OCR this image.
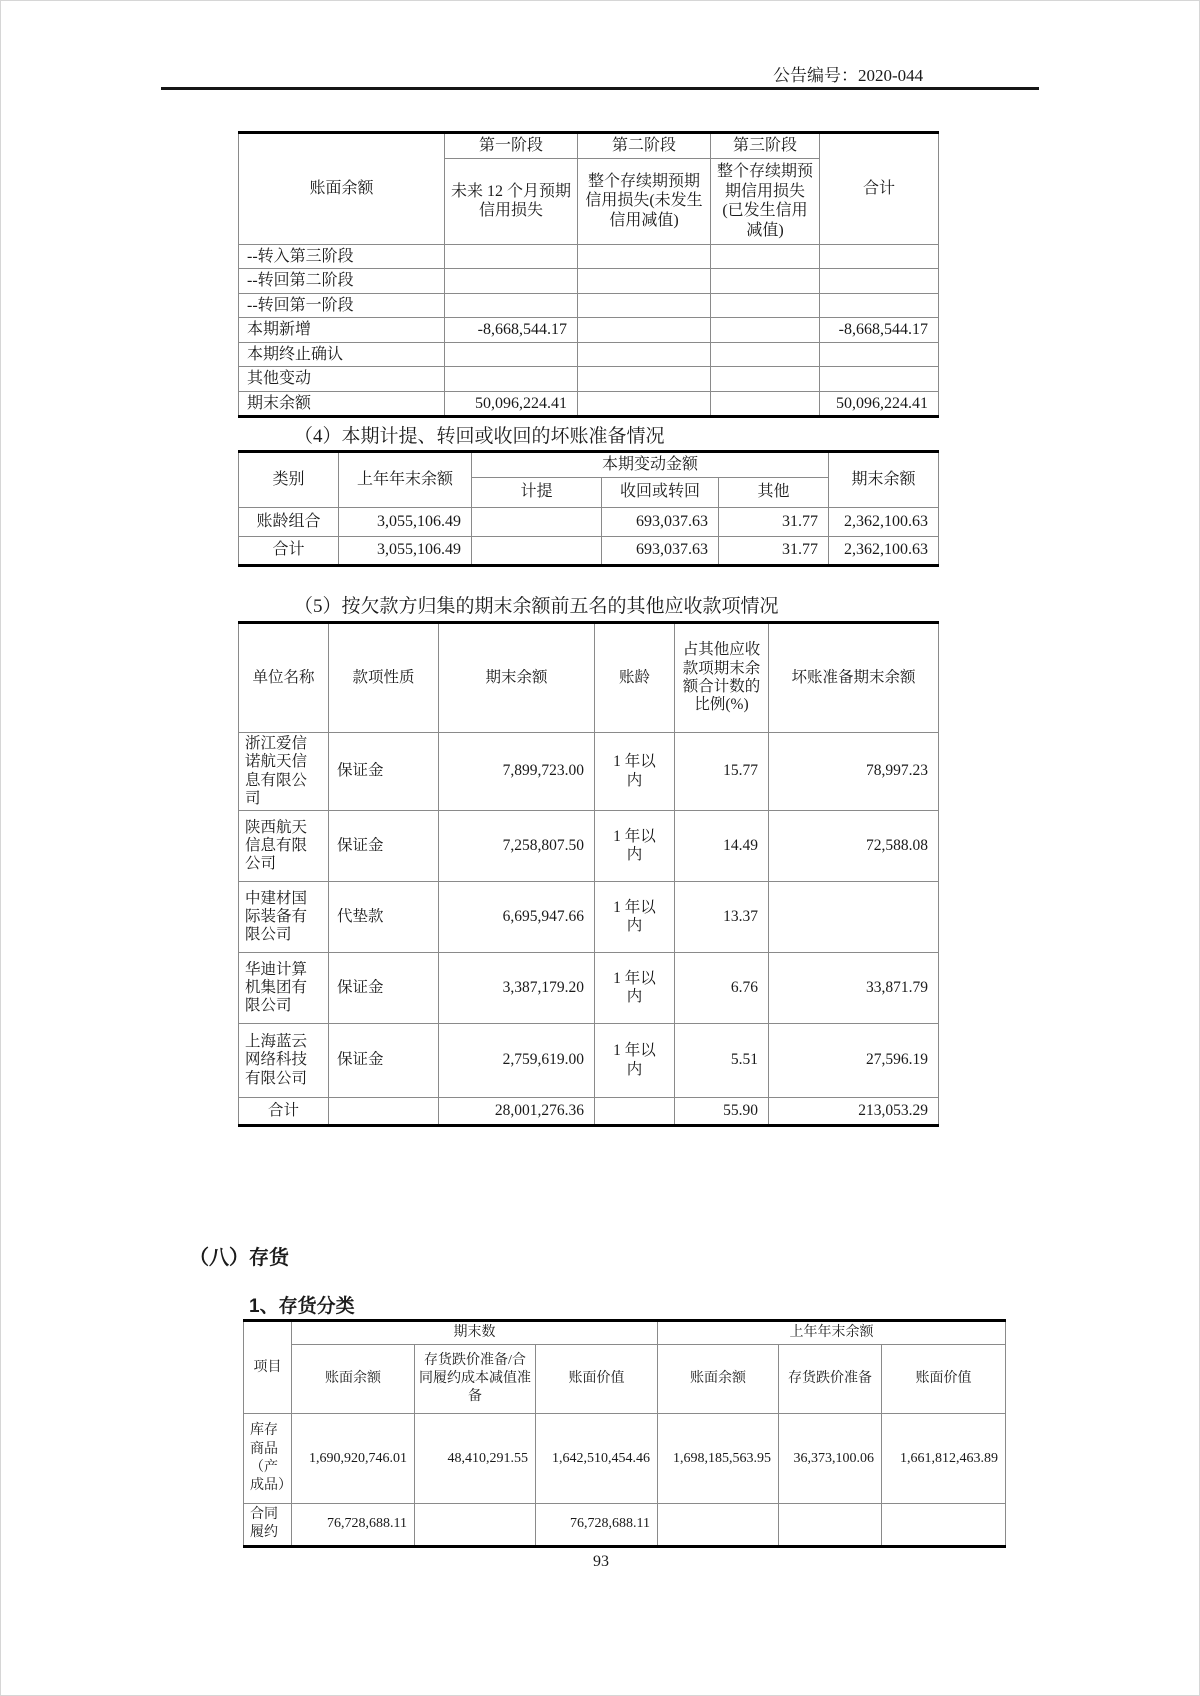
公告编号：2020-044
账面余额	第一阶段	第二阶段	第三阶段	合计
	未来 12 个月预期信用损失	整个存续期预期信用损失(未发生信用减值)	整个存续期预期信用损失(已发生信用减值)	
--转入第三阶段				
--转回第二阶段				
--转回第一阶段				
本期新增	-8,668,544.17			-8,668,544.17
本期终止确认				
其他变动				
期末余额	50,096,224.41			50,096,224.41
（4）本期计提、转回或收回的坏账准备情况
类别	上年年末余额	本期变动金额			期末余额
		计提	收回或转回	其他	
账龄组合	3,055,106.49		693,037.63	31.77	2,362,100.63
合计	3,055,106.49		693,037.63	31.77	2,362,100.63
（5）按欠款方归集的期末余额前五名的其他应收款项情况
单位名称	款项性质	期末余额	账龄	占其他应收款项期末余额合计数的比例(%)	坏账准备期末余额
浙江爱信诺航天信息有限公司	保证金	7,899,723.00	1 年以内	15.77	78,997.23
陕西航天信息有限公司	保证金	7,258,807.50	1 年以内	14.49	72,588.08
中建材国际装备有限公司	代垫款	6,695,947.66	1 年以内	13.37	
华迪计算机集团有限公司	保证金	3,387,179.20	1 年以内	6.76	33,871.79
上海蓝云网络科技有限公司	保证金	2,759,619.00	1 年以内	5.51	27,596.19
合计		28,001,276.36		55.90	213,053.29
（八）存货
1、存货分类
项目	期末数			上年年末余额		
	账面余额	存货跌价准备/合同履约成本减值准备	账面价值	账面余额	存货跌价准备	账面价值
库存商品（产成品）	1,690,920,746.01	48,410,291.55	1,642,510,454.46	1,698,185,563.95	36,373,100.06	1,661,812,463.89
合同履约	76,728,688.11		76,728,688.11			
93
